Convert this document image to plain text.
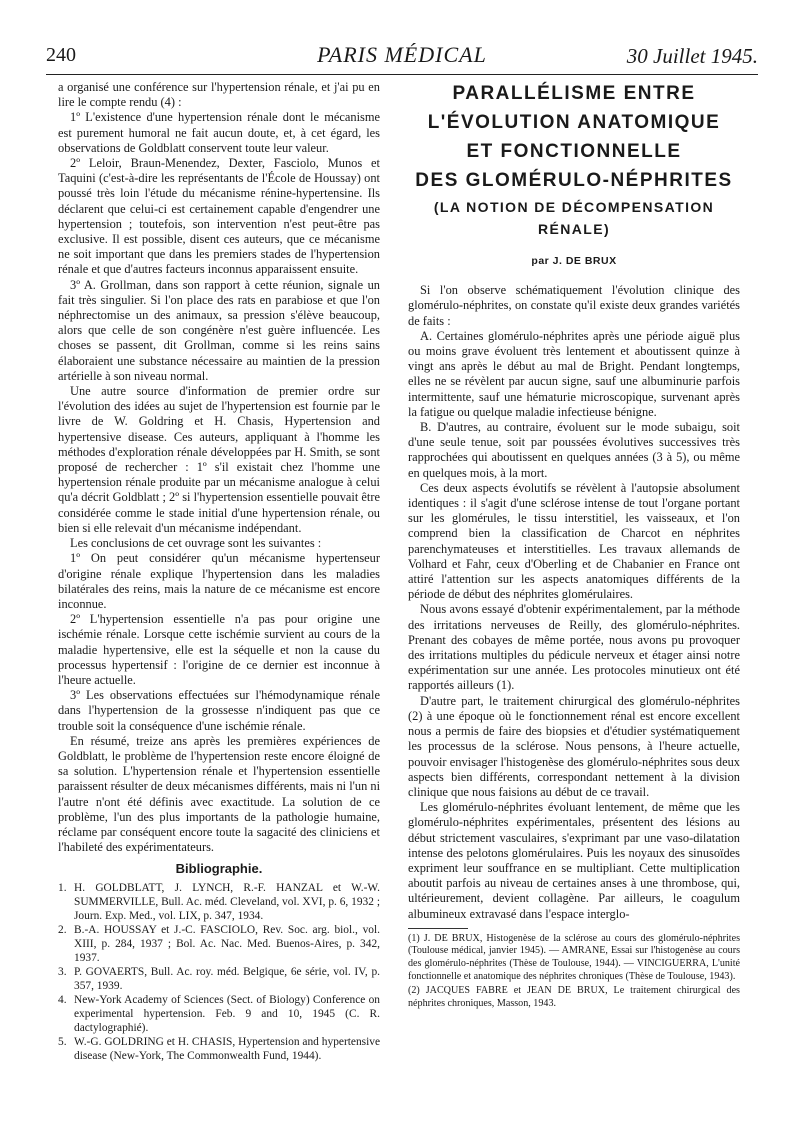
240	PARIS MÉDICAL	30 Juillet 1945.

a organisé une conférence sur l'hypertension rénale, et j'ai pu en lire le compte rendu (4) :

1º L'existence d'une hypertension rénale dont le mécanisme est purement humoral ne fait aucun doute, et, à cet égard, les observations de Goldblatt conservent toute leur valeur.

2º Leloir, Braun-Menendez, Dexter, Fasciolo, Munos et Taquini (c'est-à-dire les représentants de l'École de Houssay) ont poussé très loin l'étude du mécanisme rénine-hypertensine. Ils déclarent que celui-ci est certainement capable d'engendrer une hypertension ; toutefois, son intervention n'est peut-être pas exclusive. Il est possible, disent ces auteurs, que ce mécanisme ne soit important que dans les premiers stades de l'hypertension rénale et que d'autres facteurs inconnus apparaissent ensuite.

3º A. Grollman, dans son rapport à cette réunion, signale un fait très singulier. Si l'on place des rats en parabiose et que l'on néphrectomise un des animaux, sa pression s'élève beaucoup, alors que celle de son congénère n'est guère influencée. Les choses se passent, dit Grollman, comme si les reins sains élaboraient une substance nécessaire au maintien de la pression artérielle à son niveau normal.

Une autre source d'information de premier ordre sur l'évolution des idées au sujet de l'hypertension est fournie par le livre de W. Goldring et H. Chasis, Hypertension and hypertensive disease. Ces auteurs, appliquant à l'homme les méthodes d'exploration rénale développées par H. Smith, se sont proposé de rechercher : 1º s'il existait chez l'homme une hypertension rénale produite par un mécanisme analogue à celui qu'a décrit Goldblatt ; 2º si l'hypertension essentielle pouvait être considérée comme le stade initial d'une hypertension rénale, ou bien si elle relevait d'un mécanisme indépendant.

Les conclusions de cet ouvrage sont les suivantes :

1º On peut considérer qu'un mécanisme hypertenseur d'origine rénale explique l'hypertension dans les maladies bilatérales des reins, mais la nature de ce mécanisme est encore inconnue.

2º L'hypertension essentielle n'a pas pour origine une ischémie rénale. Lorsque cette ischémie survient au cours de la maladie hypertensive, elle est la séquelle et non la cause du processus hypertensif : l'origine de ce dernier est inconnue à l'heure actuelle.

3º Les observations effectuées sur l'hémodynamique rénale dans l'hypertension de la grossesse n'indiquent pas que ce trouble soit la conséquence d'une ischémie rénale.

En résumé, treize ans après les premières expériences de Goldblatt, le problème de l'hypertension reste encore éloigné de sa solution. L'hypertension rénale et l'hypertension essentielle paraissent résulter de deux mécanismes différents, mais ni l'un ni l'autre n'ont été définis avec exactitude. La solution de ce problème, l'un des plus importants de la pathologie humaine, réclame par conséquent encore toute la sagacité des cliniciens et l'habileté des expérimentateurs.

Bibliographie.
1. H. GOLDBLATT, J. LYNCH, R.-F. HANZAL et W.-W. SUMMERVILLE, Bull. Ac. méd. Cleveland, vol. XVI, p. 6, 1932 ; Journ. Exp. Med., vol. LIX, p. 347, 1934.
2. B.-A. HOUSSAY et J.-C. FASCIOLO, Rev. Soc. arg. biol., vol. XIII, p. 284, 1937 ; Bol. Ac. Nac. Med. Buenos-Aires, p. 342, 1937.
3. P. GOVAERTS, Bull. Ac. roy. méd. Belgique, 6e série, vol. IV, p. 357, 1939.
4. New-York Academy of Sciences (Sect. of Biology) Conference on experimental hypertension. Feb. 9 and 10, 1945 (C. R. dactylographié).
5. W.-G. GOLDRING et H. CHASIS, Hypertension and hypertensive disease (New-York, The Commonwealth Fund, 1944).
PARALLÉLISME ENTRE
L'ÉVOLUTION ANATOMIQUE
ET FONCTIONNELLE
DES GLOMÉRULO-NÉPHRITES
(LA NOTION DE DÉCOMPENSATION
RÉNALE)
par J. DE BRUX

Si l'on observe schématiquement l'évolution clinique des glomérulo-néphrites, on constate qu'il existe deux grandes variétés de faits :

A. Certaines glomérulo-néphrites après une période aiguë plus ou moins grave évoluent très lentement et aboutissent quinze à vingt ans après le début au mal de Bright. Pendant longtemps, elles ne se révèlent par aucun signe, sauf une albuminurie parfois intermittente, sauf une hématurie microscopique, survenant après la fatigue ou quelque maladie infectieuse bénigne.

B. D'autres, au contraire, évoluent sur le mode subaigu, soit d'une seule tenue, soit par poussées évolutives successives très rapprochées qui aboutissent en quelques années (3 à 5), ou même en quelques mois, à la mort.

Ces deux aspects évolutifs se révèlent à l'autopsie absolument identiques : il s'agit d'une sclérose intense de tout l'organe portant sur les glomérules, le tissu interstitiel, les vaisseaux, et l'on comprend bien la classification de Charcot en néphrites parenchymateuses et interstitielles. Les travaux allemands de Volhard et Fahr, ceux d'Oberling et de Chabanier en France ont attiré l'attention sur les aspects anatomiques différents de la période de début des néphrites glomérulaires.

Nous avons essayé d'obtenir expérimentalement, par la méthode des irritations nerveuses de Reilly, des glomérulo-néphrites. Prenant des cobayes de même portée, nous avons pu provoquer des irritations multiples du pédicule nerveux et étager ainsi notre expérimentation sur une année. Les protocoles minutieux ont été rapportés ailleurs (1).

D'autre part, le traitement chirurgical des glomérulo-néphrites (2) à une époque où le fonctionnement rénal est encore excellent nous a permis de faire des biopsies et d'étudier systématiquement les processus de la sclérose. Nous pensons, à l'heure actuelle, pouvoir envisager l'histogenèse des glomérulo-néphrites sous deux aspects bien différents, correspondant nettement à la division clinique que nous faisions au début de ce travail.

Les glomérulo-néphrites évoluant lentement, de même que les glomérulo-néphrites expérimentales, présentent des lésions au début strictement vasculaires, s'exprimant par une vaso-dilatation intense des pelotons glomérulaires. Puis les noyaux des sinusoïdes expriment leur souffrance en se multipliant. Cette multiplication aboutit parfois au niveau de certaines anses à une thrombose, qui, ultérieurement, devient collagène. Par ailleurs, le coagulum albumineux extravasé dans l'espace interglo-

(1) J. DE BRUX, Histogenèse de la sclérose au cours des glomérulo-néphrites (Toulouse médical, janvier 1945). — AMRANE, Essai sur l'histogenèse au cours des glomérulo-néphrites (Thèse de Toulouse, 1944). — VINCIGUERRA, L'unité fonctionnelle et anatomique des néphrites chroniques (Thèse de Toulouse, 1943).

(2) JACQUES FABRE et JEAN DE BRUX, Le traitement chirurgical des néphrites chroniques, Masson, 1943.
